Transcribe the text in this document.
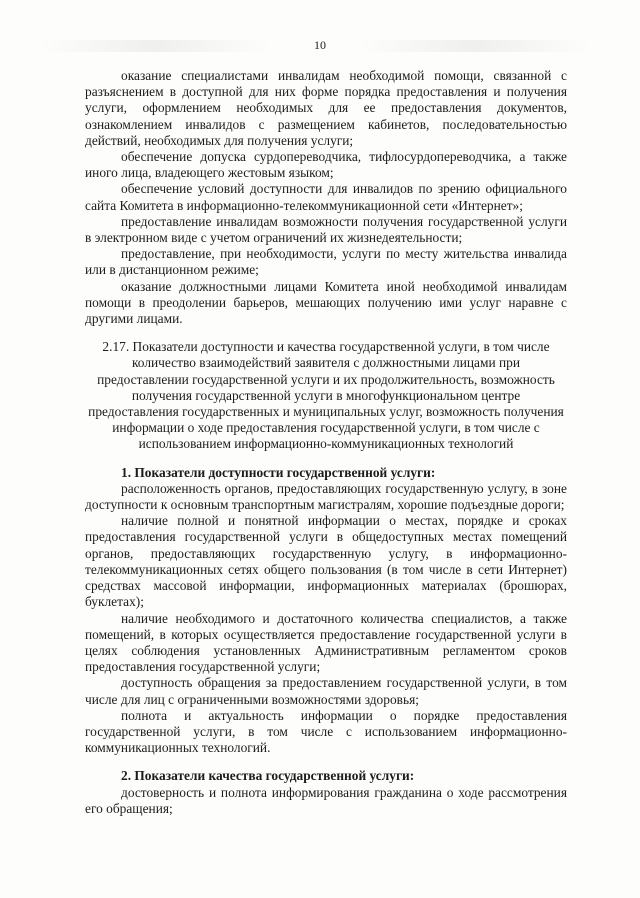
10

оказание специалистами инвалидам необходимой помощи, связанной с разъяснением в доступной для них форме порядка предоставления и получения услуги, оформлением необходимых для ее предоставления документов, ознакомлением инвалидов с размещением кабинетов, последовательностью действий, необходимых для получения услуги;

обеспечение допуска сурдопереводчика, тифлосурдопереводчика, а также иного лица, владеющего жестовым языком;

обеспечение условий доступности для инвалидов по зрению официального сайта Комитета в информационно-телекоммуникационной сети «Интернет»;

предоставление инвалидам возможности получения государственной услуги в электронном виде с учетом ограничений их жизнедеятельности;

предоставление, при необходимости, услуги по месту жительства инвалида или в дистанционном режиме;

оказание должностными лицами Комитета иной необходимой инвалидам помощи в преодолении барьеров, мешающих получению ими услуг наравне с другими лицами.

2.17. Показатели доступности и качества государственной услуги, в том числе количество взаимодействий заявителя с должностными лицами при предоставлении государственной услуги и их продолжительность, возможность получения государственной услуги в многофункциональном центре предоставления государственных и муниципальных услуг, возможность получения информации о ходе предоставления государственной услуги, в том числе с использованием информационно-коммуникационных технологий

1. Показатели доступности государственной услуги:

расположенность органов, предоставляющих государственную услугу, в зоне доступности к основным транспортным магистралям, хорошие подъездные дороги;

наличие полной и понятной информации о местах, порядке и сроках предоставления государственной услуги в общедоступных местах помещений органов, предоставляющих государственную услугу, в информационно-телекоммуникационных сетях общего пользования (в том числе в сети Интернет) средствах массовой информации, информационных материалах (брошюрах, буклетах);

наличие необходимого и достаточного количества специалистов, а также помещений, в которых осуществляется предоставление государственной услуги в целях соблюдения установленных Административным регламентом сроков предоставления государственной услуги;

доступность обращения за предоставлением государственной услуги, в том числе для лиц с ограниченными возможностями здоровья;

полнота и актуальность информации о порядке предоставления государственной услуги, в том числе с использованием информационно-коммуникационных технологий.

2. Показатели качества государственной услуги:

достоверность и полнота информирования гражданина о ходе рассмотрения его обращения;
